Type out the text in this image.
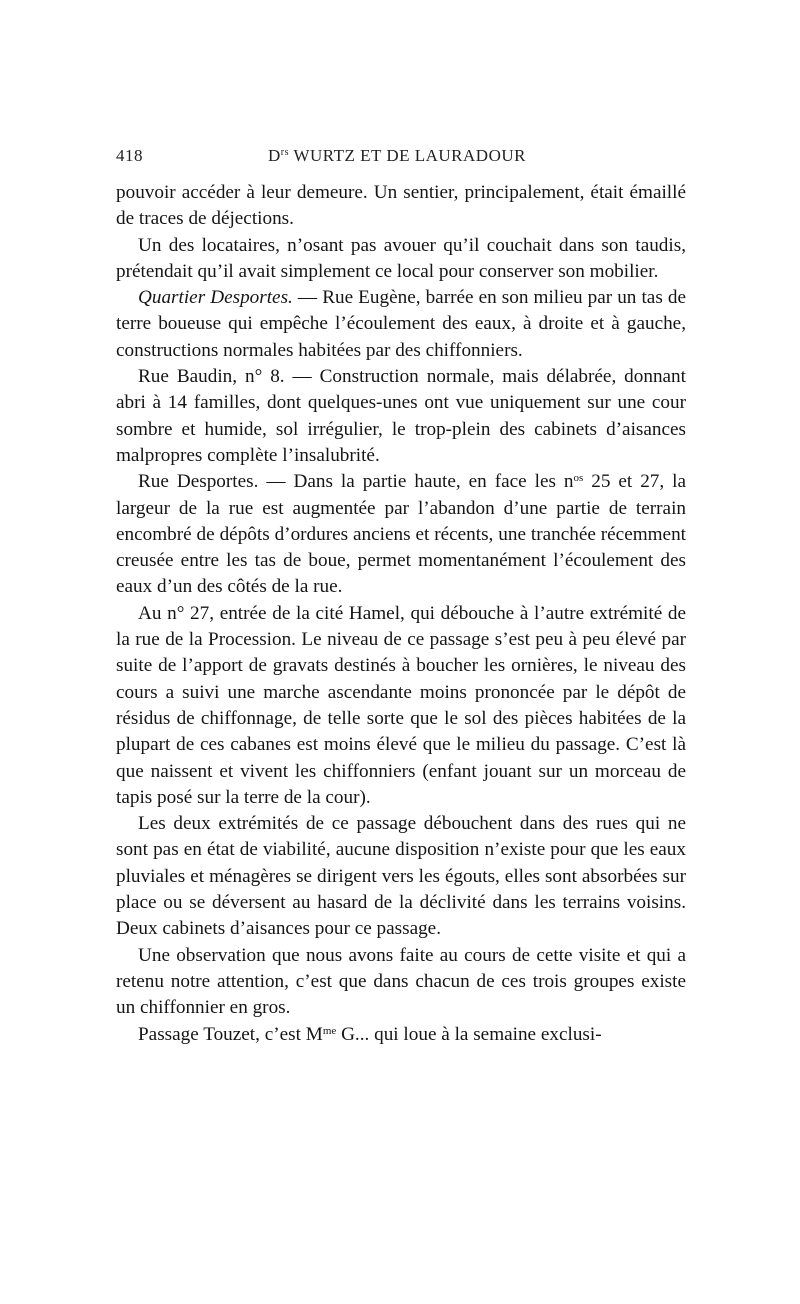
418	$D^{rs}$ WURTZ ET DE LAURADOUR

pouvoir accéder à leur demeure. Un sentier, principalement, était émaillé de traces de déjections.

Un des locataires, n’osant pas avouer qu’il couchait dans son taudis, prétendait qu’il avait simplement ce local pour conserver son mobilier.

Quartier Desportes. — Rue Eugène, barrée en son milieu par un tas de terre boueuse qui empêche l’écoulement des eaux, à droite et à gauche, constructions normales habitées par des chiffonniers.

Rue Baudin, n° 8. — Construction normale, mais délabrée, donnant abri à 14 familles, dont quelques-unes ont vue uniquement sur une cour sombre et humide, sol irrégulier, le trop-plein des cabinets d’aisances malpropres complète l’insalubrité.

Rue Desportes. — Dans la partie haute, en face les $n^{os}$ 25 et 27, la largeur de la rue est augmentée par l’abandon d’une partie de terrain encombré de dépôts d’ordures anciens et récents, une tranchée récemment creusée entre les tas de boue, permet momentanément l’écoulement des eaux d’un des côtés de la rue.

Au n° 27, entrée de la cité Hamel, qui débouche à l’autre extrémité de la rue de la Procession. Le niveau de ce passage s’est peu à peu élevé par suite de l’apport de gravats destinés à boucher les ornières, le niveau des cours a suivi une marche ascendante moins prononcée par le dépôt de résidus de chiffonnage, de telle sorte que le sol des pièces habitées de la plupart de ces cabanes est moins élevé que le milieu du passage. C’est là que naissent et vivent les chiffonniers (enfant jouant sur un morceau de tapis posé sur la terre de la cour).

Les deux extrémités de ce passage débouchent dans des rues qui ne sont pas en état de viabilité, aucune disposition n’existe pour que les eaux pluviales et ménagères se dirigent vers les égouts, elles sont absorbées sur place ou se déversent au hasard de la déclivité dans les terrains voisins. Deux cabinets d’aisances pour ce passage.

Une observation que nous avons faite au cours de cette visite et qui a retenu notre attention, c’est que dans chacun de ces trois groupes existe un chiffonnier en gros.

Passage Touzet, c’est $M^{me}$ G... qui loue à la semaine exclusi-
